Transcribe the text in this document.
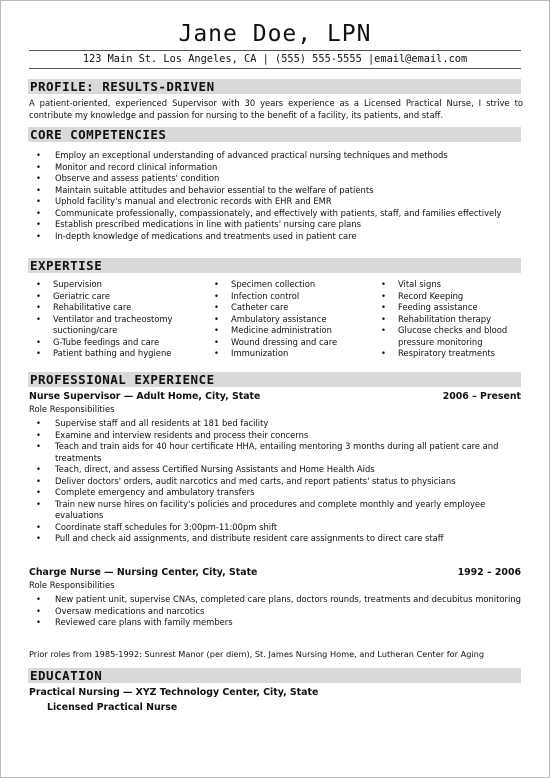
Jane Doe, LPN
123 Main St. Los Angeles, CA | (555) 555-5555 |email@email.com
PROFILE: RESULTS-DRIVEN
A patient-oriented, experienced Supervisor with 30 years experience as a Licensed Practical Nurse, I strive to contribute my knowledge and passion for nursing to the benefit of a facility, its patients, and staff.
CORE COMPETENCIES
• Employ an exceptional understanding of advanced practical nursing techniques and methods
• Monitor and record clinical information
• Observe and assess patients' condition
• Maintain suitable attitudes and behavior essential to the welfare of patients
• Uphold facility's manual and electronic records with EHR and EMR
• Communicate professionally, compassionately, and effectively with patients, staff, and families effectively
• Establish prescribed medications in line with patients' nursing care plans
• In-depth knowledge of medications and treatments used in patient care
EXPERTISE
• Supervision
• Geriatric care
• Rehabilitative care
• Ventilator and tracheostomy suctioning/care
• G-Tube feedings and care
• Patient bathing and hygiene
• Specimen collection
• Infection control
• Catheter care
• Ambulatory assistance
• Medicine administration
• Wound dressing and care
• Immunization
• Vital signs
• Record Keeping
• Feeding assistance
• Rehabilitation therapy
• Glucose checks and blood pressure monitoring
• Respiratory treatments
PROFESSIONAL EXPERIENCE
Nurse Supervisor — Adult Home, City, State	2006 – Present
Role Responsibilities
• Supervise staff and all residents at 181 bed facility
• Examine and interview residents and process their concerns
• Teach and train aids for 40 hour certificate HHA, entailing mentoring 3 months during all patient care and treatments
• Teach, direct, and assess Certified Nursing Assistants and Home Health Aids
• Deliver doctors' orders, audit narcotics and med carts, and report patients' status to physicians
• Complete emergency and ambulatory transfers
• Train new nurse hires on facility's policies and procedures and complete monthly and yearly employee evaluations
• Coordinate staff schedules for 3:00pm-11:00pm shift
• Pull and check aid assignments, and distribute resident care assignments to direct care staff
Charge Nurse — Nursing Center, City, State	1992 – 2006
Role Responsibilities
• New patient unit, supervise CNAs, completed care plans, doctors rounds, treatments and decubitus monitoring
• Oversaw medications and narcotics
• Reviewed care plans with family members
Prior roles from 1985-1992: Sunrest Manor (per diem), St. James Nursing Home, and Lutheran Center for Aging
EDUCATION
Practical Nursing — XYZ Technology Center, City, State
Licensed Practical Nurse
